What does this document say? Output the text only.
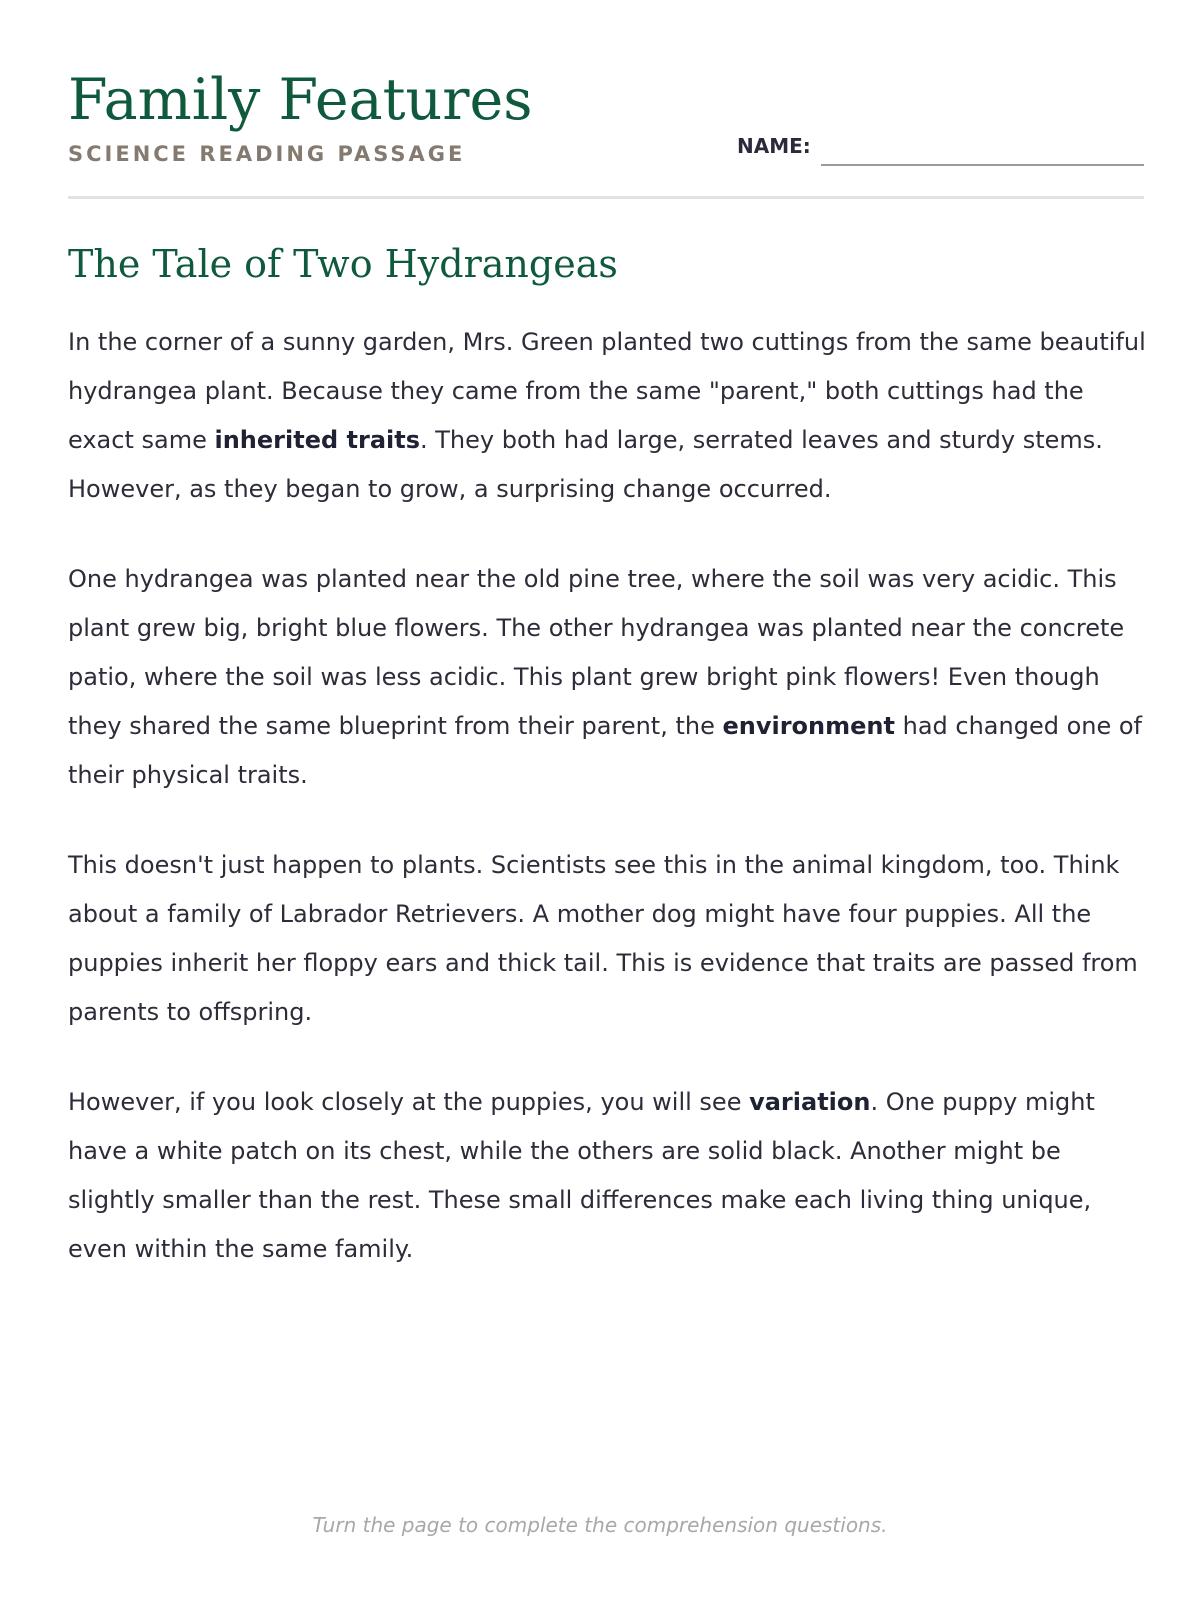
Family Features
SCIENCE READING PASSAGE	NAME:
The Tale of Two Hydrangeas

In the corner of a sunny garden, Mrs. Green planted two cuttings from the same beautiful hydrangea plant. Because they came from the same "parent," both cuttings had the exact same inherited traits. They both had large, serrated leaves and sturdy stems. However, as they began to grow, a surprising change occurred.

One hydrangea was planted near the old pine tree, where the soil was very acidic. This plant grew big, bright blue flowers. The other hydrangea was planted near the concrete patio, where the soil was less acidic. This plant grew bright pink flowers! Even though they shared the same blueprint from their parent, the environment had changed one of their physical traits.

This doesn't just happen to plants. Scientists see this in the animal kingdom, too. Think about a family of Labrador Retrievers. A mother dog might have four puppies. All the puppies inherit her floppy ears and thick tail. This is evidence that traits are passed from parents to offspring.

However, if you look closely at the puppies, you will see variation. One puppy might have a white patch on its chest, while the others are solid black. Another might be slightly smaller than the rest. These small differences make each living thing unique, even within the same family.

Turn the page to complete the comprehension questions.
